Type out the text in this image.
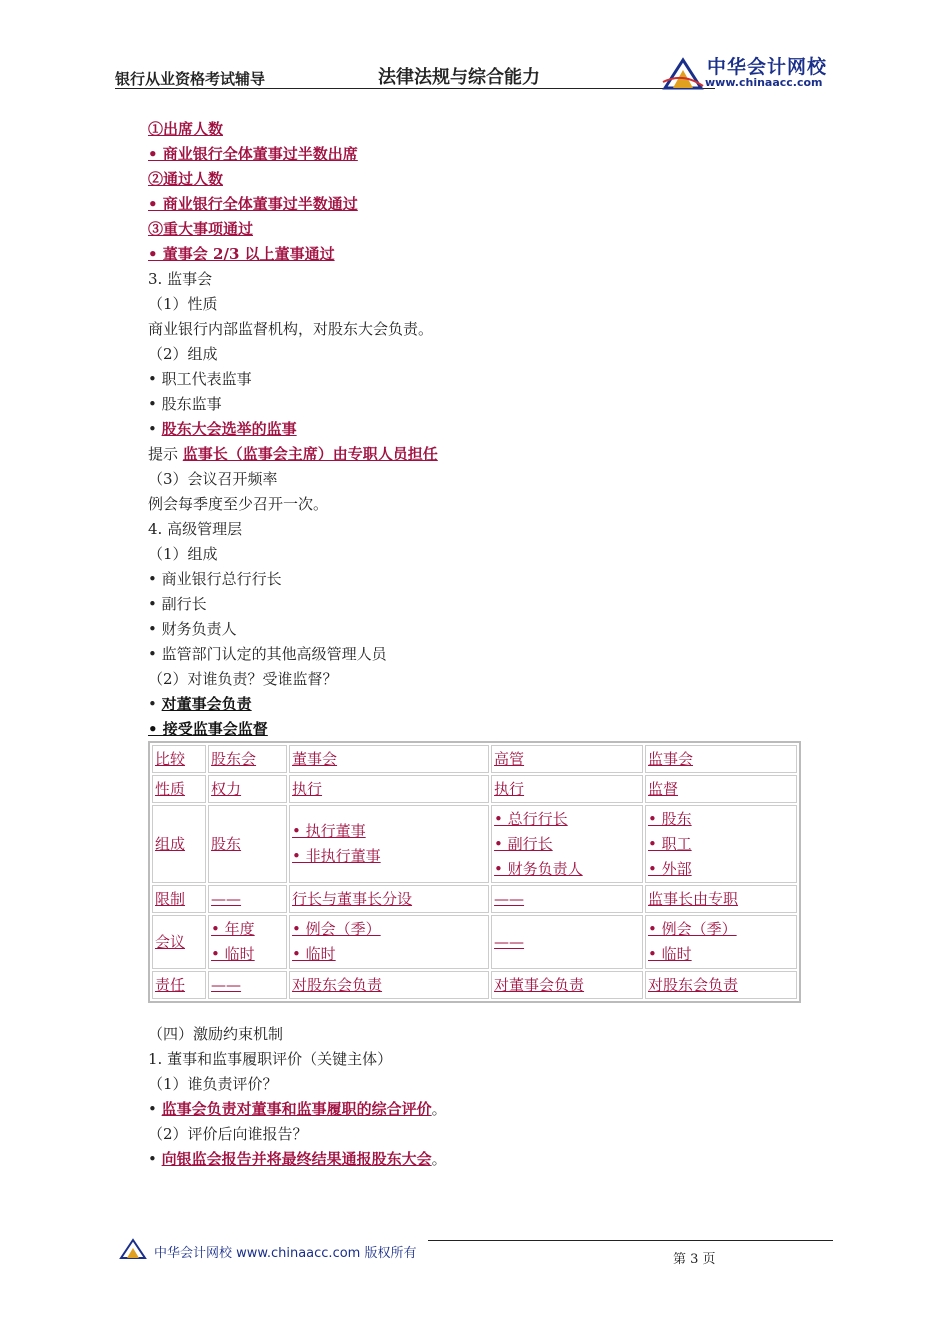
银行从业资格考试辅导	法律法规与综合能力	中华会计网校
www.chinaacc.com
①出席人数
• 商业银行全体董事过半数出席
②通过人数
• 商业银行全体董事过半数通过
③重大事项通过
• 董事会 2/3 以上董事通过
3. 监事会
（1）性质
商业银行内部监督机构，对股东大会负责。
（2）组成
• 职工代表监事
• 股东监事
• 股东大会选举的监事
提示 监事长（监事会主席）由专职人员担任
（3）会议召开频率
例会每季度至少召开一次。
4. 高级管理层
（1）组成
• 商业银行总行行长
• 副行长
• 财务负责人
• 监管部门认定的其他高级管理人员
（2）对谁负责？受谁监督？
• 对董事会负责
• 接受监事会监督
比较	股东会	董事会	高管	监事会

性质	权力	执行	执行	监督

组成	股东	• 执行董事
• 非执行董事	• 总行行长
• 副行长
• 财务负责人	• 股东
• 职工
• 外部

限制	——	行长与董事长分设	——	监事长由专职

会议	• 年度
• 临时	• 例会（季）
• 临时	——	• 例会（季）
• 临时

责任	——	对股东会负责	对董事会负责	对股东会负责
（四）激励约束机制
1. 董事和监事履职评价（关键主体）
（1）谁负责评价？
• 监事会负责对董事和监事履职的综合评价。
（2）评价后向谁报告？
• 向银监会报告并将最终结果通报股东大会。
中华会计网校 www.chinaacc.com 版权所有	第 3 页
